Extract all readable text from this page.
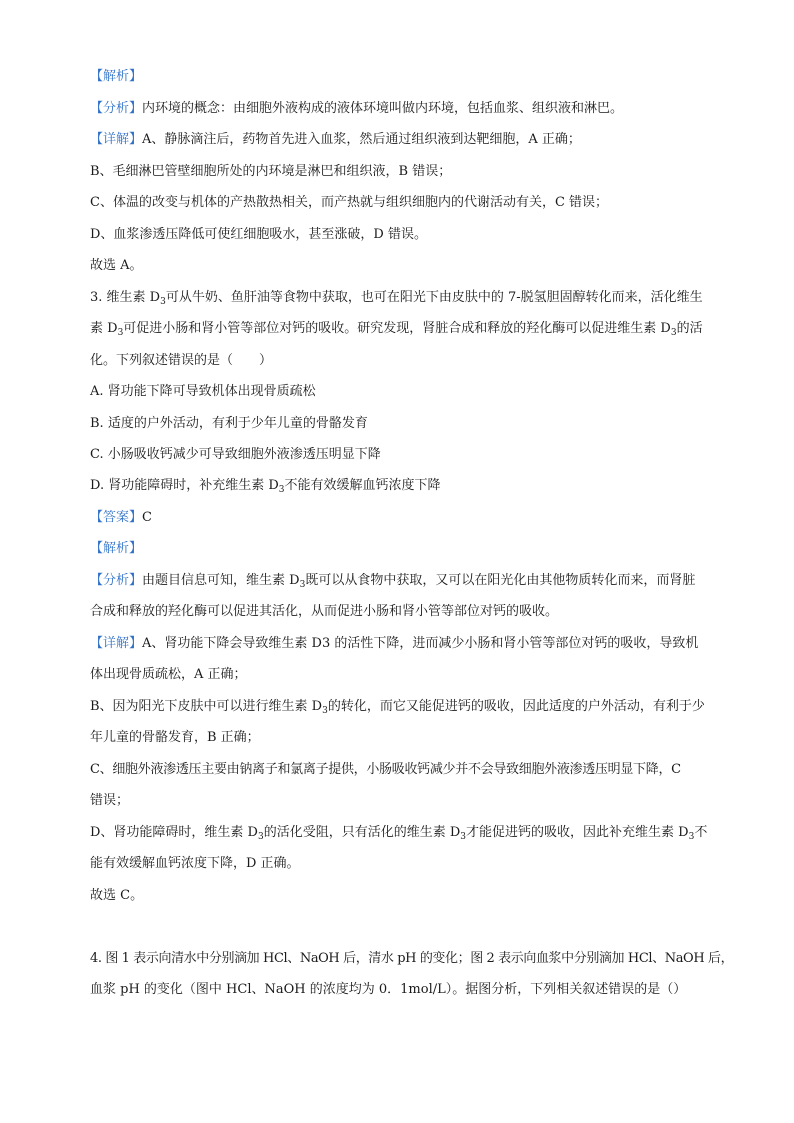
【解析】
【分析】内环境的概念：由细胞外液构成的液体环境叫做内环境，包括血浆、组织液和淋巴。
【详解】A、静脉滴注后，药物首先进入血浆，然后通过组织液到达靶细胞，A 正确；
B、毛细淋巴管壁细胞所处的内环境是淋巴和组织液，B 错误；
C、体温的改变与机体的产热散热相关，而产热就与组织细胞内的代谢活动有关，C 错误；
D、血浆渗透压降低可使红细胞吸水，甚至涨破，D 错误。
故选 A。
3. 维生素 $D_3$可从牛奶、鱼肝油等食物中获取，也可在阳光下由皮肤中的 7-脱氢胆固醇转化而来，活化维生
素 $D_3$可促进小肠和肾小管等部位对钙的吸收。研究发现，肾脏合成和释放的羟化酶可以促进维生素 $D_3$的活
化。下列叙述错误的是（　　）
A. 肾功能下降可导致机体出现骨质疏松
B. 适度的户外活动，有利于少年儿童的骨骼发育
C. 小肠吸收钙减少可导致细胞外液渗透压明显下降
D. 肾功能障碍时，补充维生素 $D_3$不能有效缓解血钙浓度下降
【答案】C
【解析】
【分析】由题目信息可知，维生素 $D_3$既可以从食物中获取，又可以在阳光化由其他物质转化而来，而肾脏
合成和释放的羟化酶可以促进其活化，从而促进小肠和肾小管等部位对钙的吸收。
【详解】A、肾功能下降会导致维生素 D3 的活性下降，进而减少小肠和肾小管等部位对钙的吸收，导致机
体出现骨质疏松，A 正确；
B、因为阳光下皮肤中可以进行维生素 $D_3$的转化，而它又能促进钙的吸收，因此适度的户外活动，有利于少
年儿童的骨骼发育，B 正确；
C、细胞外液渗透压主要由钠离子和氯离子提供，小肠吸收钙减少并不会导致细胞外液渗透压明显下降，C
错误；
D、肾功能障碍时，维生素 $D_3$的活化受阻，只有活化的维生素 $D_3$才能促进钙的吸收，因此补充维生素 $D_3$不
能有效缓解血钙浓度下降，D 正确。
故选 C。
4. 图 1 表示向清水中分别滴加 HCl、NaOH 后，清水 pH 的变化；图 2 表示向血浆中分别滴加 HCl、NaOH 后，
血浆 pH 的变化（图中 HCl、NaOH 的浓度均为 0．1mol/L）。据图分析，下列相关叙述错误的是（）
